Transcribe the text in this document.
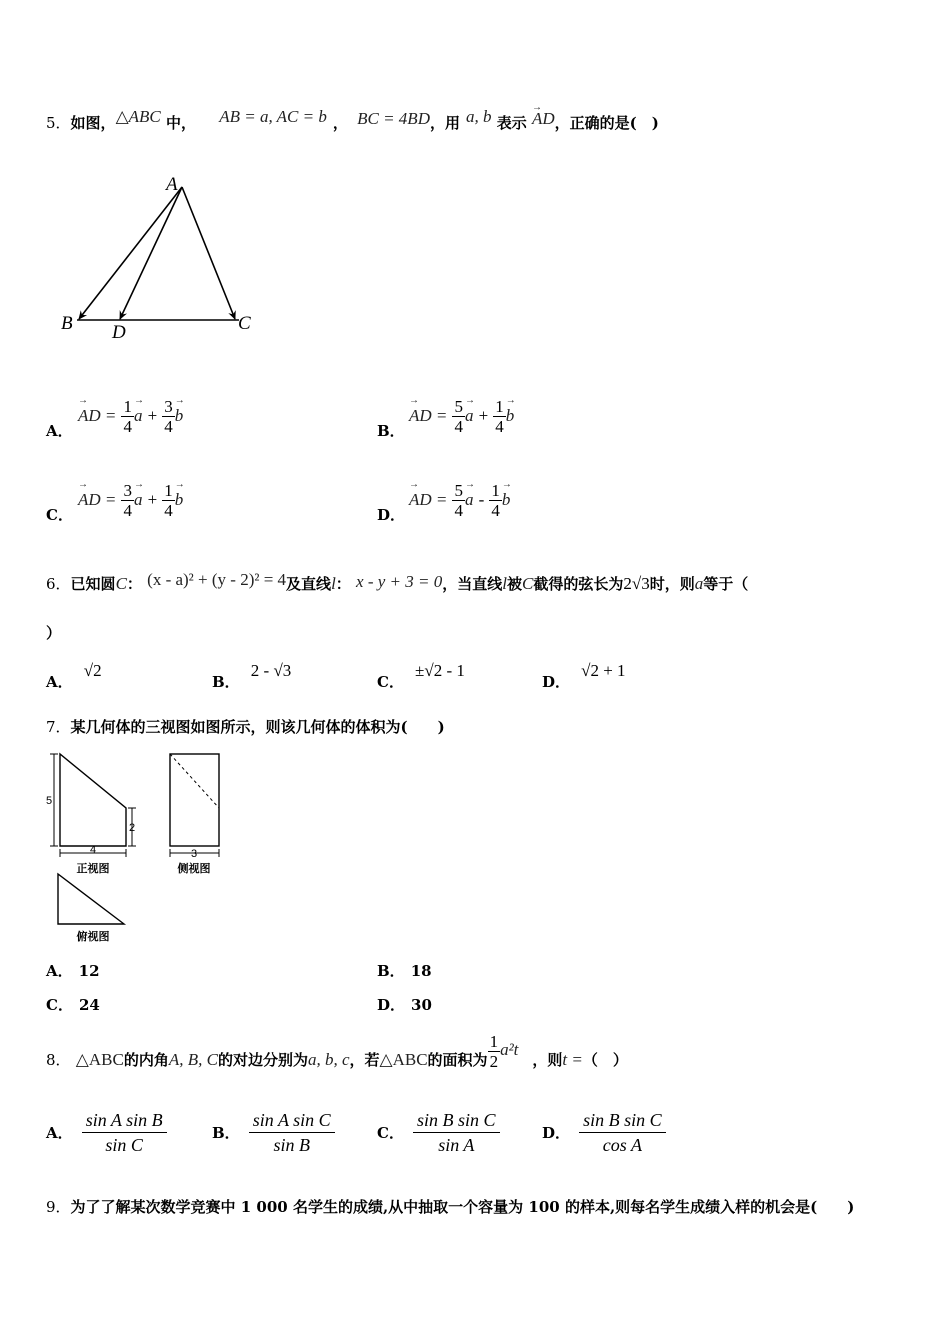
5．如图，△ABC 中， AB = a, AC = b ， BC = 4BD，用 a, b 表示 → AD，正确的是(　)
A
B D	C
A．
→ AD = $\frac{1}{4}$
→ $a + \frac{3}{4}$
→ b
B．
→ AD = $\frac{5}{4}$
→ $a + \frac{1}{4}$
→ b
C．
→ AD = $\frac{3}{4}$
→ $a + \frac{1}{4}$
→ b
D．
→ AD = $\frac{5}{4}$
→ a - $\frac{1}{4}$
→ b
6．已知圆C： (x - a)² + (y - 2)² = 4及直线l： x - y + 3 = 0，当直线l被C截得的弦长为2√3时，则a等于（
）
A． √2
B． 2 - √3
C． ±√2 - 1
D． √2 + 1
7．某几何体的三视图如图所示，则该几何体的体积为(　　)
5
2
4
正视图
3
侧视图
俯视图
A． 12	B． 18
C． 24	D． 30
8． △ABC的内角A, B, C的对边分别为a, b, c，若△ABC的面积为 $\frac{1}{2} a^2t$，则t =（　）
A． $\frac{\text{sin A sin B}}{\text{sin C}}$	B． $\frac{\text{sin A sin C}}{\text{sin B}}$	C． $\frac{\text{sin B sin C}}{\text{sin A}}$	D． $\frac{\text{sin B sin C}}{\text{cos A}}$
9．为了了解某次数学竞赛中 1 000 名学生的成绩,从中抽取一个容量为 100 的样本,则每名学生成绩入样的机会是(　　)
